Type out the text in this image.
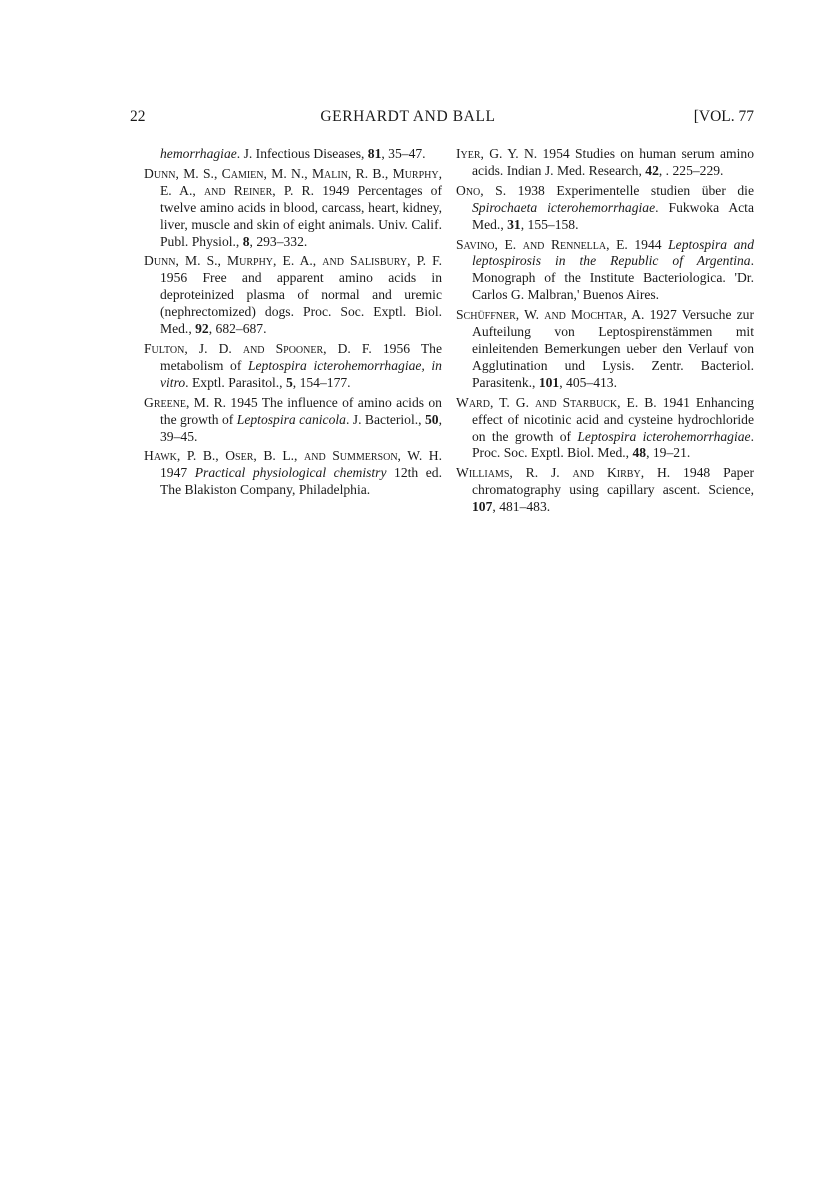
22	GERHARDT AND BALL	[VOL. 77

hemorrhagiae. J. Infectious Diseases, 81, 35–47.

Dunn, M. S., Camien, M. N., Malin, R. B., Murphy, E. A., and Reiner, P. R. 1949 Percentages of twelve amino acids in blood, carcass, heart, kidney, liver, muscle and skin of eight animals. Univ. Calif. Publ. Physiol., 8, 293–332.

Dunn, M. S., Murphy, E. A., and Salisbury, P. F. 1956 Free and apparent amino acids in deproteinized plasma of normal and uremic (nephrectomized) dogs. Proc. Soc. Exptl. Biol. Med., 92, 682–687.

Fulton, J. D. and Spooner, D. F. 1956 The metabolism of Leptospira icterohemorrhagiae, in vitro. Exptl. Parasitol., 5, 154–177.

Greene, M. R. 1945 The influence of amino acids on the growth of Leptospira canicola. J. Bacteriol., 50, 39–45.

Hawk, P. B., Oser, B. L., and Summerson, W. H. 1947 Practical physiological chemistry 12th ed. The Blakiston Company, Philadelphia.

Iyer, G. Y. N. 1954 Studies on human serum amino acids. Indian J. Med. Research, 42, . 225–229.

Ono, S. 1938 Experimentelle studien über die Spirochaeta icterohemorrhagiae. Fukwoka Acta Med., 31, 155–158.

Savino, E. and Rennella, E. 1944 Leptospira and leptospirosis in the Republic of Argentina. Monograph of the Institute Bacteriologica. 'Dr. Carlos G. Malbran,' Buenos Aires.

Schüffner, W. and Mochtar, A. 1927 Versuche zur Aufteilung von Leptospirenstämmen mit einleitenden Bemerkungen ueber den Verlauf von Agglutination und Lysis. Zentr. Bacteriol. Parasitenk., 101, 405–413.

Ward, T. G. and Starbuck, E. B. 1941 Enhancing effect of nicotinic acid and cysteine hydrochloride on the growth of Leptospira icterohemorrhagiae. Proc. Soc. Exptl. Biol. Med., 48, 19–21.

Williams, R. J. and Kirby, H. 1948 Paper chromatography using capillary ascent. Science, 107, 481–483.
